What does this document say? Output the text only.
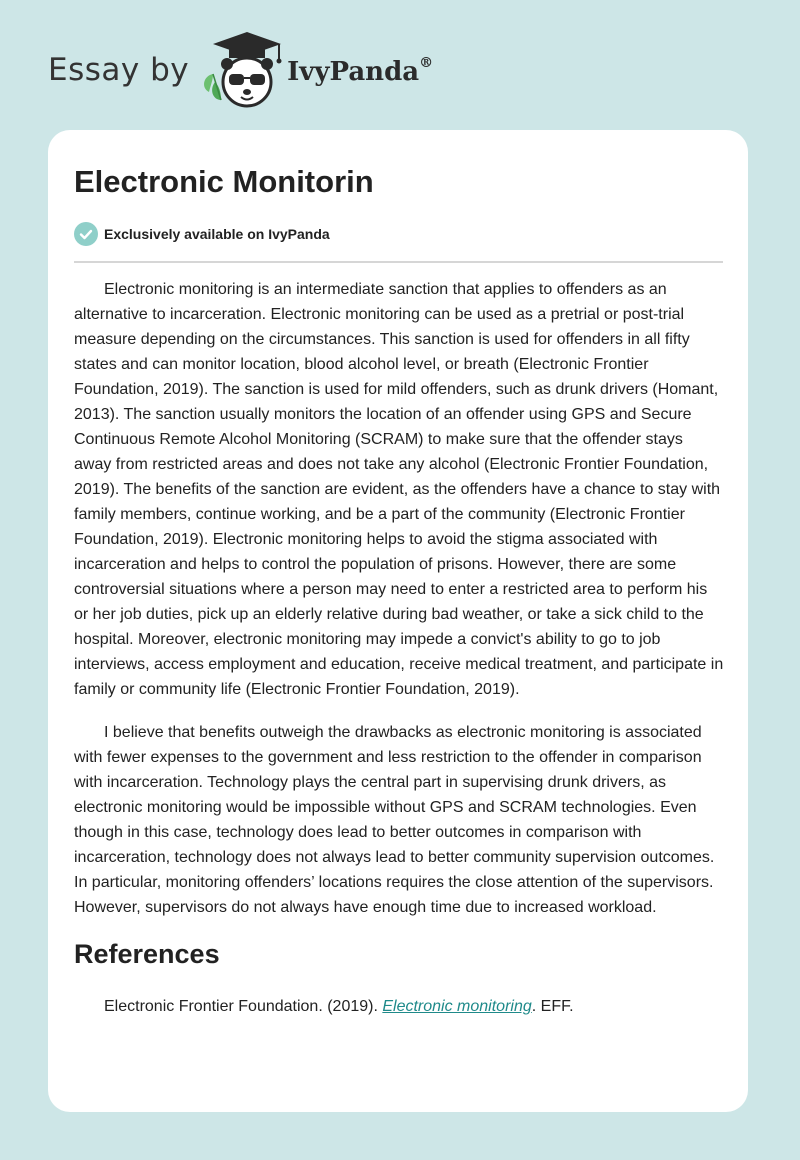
Essay by	IvyPanda®
Electronic Monitorin
Exclusively available on IvyPanda

Electronic monitoring is an intermediate sanction that applies to offenders as an alternative to incarceration. Electronic monitoring can be used as a pretrial or post-trial measure depending on the circumstances. This sanction is used for offenders in all fifty states and can monitor location, blood alcohol level, or breath (Electronic Frontier Foundation, 2019). The sanction is used for mild offenders, such as drunk drivers (Homant, 2013). The sanction usually monitors the location of an offender using GPS and Secure Continuous Remote Alcohol Monitoring (SCRAM) to make sure that the offender stays away from restricted areas and does not take any alcohol (Electronic Frontier Foundation, 2019). The benefits of the sanction are evident, as the offenders have a chance to stay with family members, continue working, and be a part of the community (Electronic Frontier Foundation, 2019). Electronic monitoring helps to avoid the stigma associated with incarceration and helps to control the population of prisons. However, there are some controversial situations where a person may need to enter a restricted area to perform his or her job duties, pick up an elderly relative during bad weather, or take a sick child to the hospital. Moreover, electronic monitoring may impede a convict's ability to go to job interviews, access employment and education, receive medical treatment, and participate in family or community life (Electronic Frontier Foundation, 2019).

I believe that benefits outweigh the drawbacks as electronic monitoring is associated with fewer expenses to the government and less restriction to the offender in comparison with incarceration. Technology plays the central part in supervising drunk drivers, as electronic monitoring would be impossible without GPS and SCRAM technologies. Even though in this case, technology does lead to better outcomes in comparison with incarceration, technology does not always lead to better community supervision outcomes. In particular, monitoring offenders’ locations requires the close attention of the supervisors. However, supervisors do not always have enough time due to increased workload.

References

Electronic Frontier Foundation. (2019). Electronic monitoring. EFF.
